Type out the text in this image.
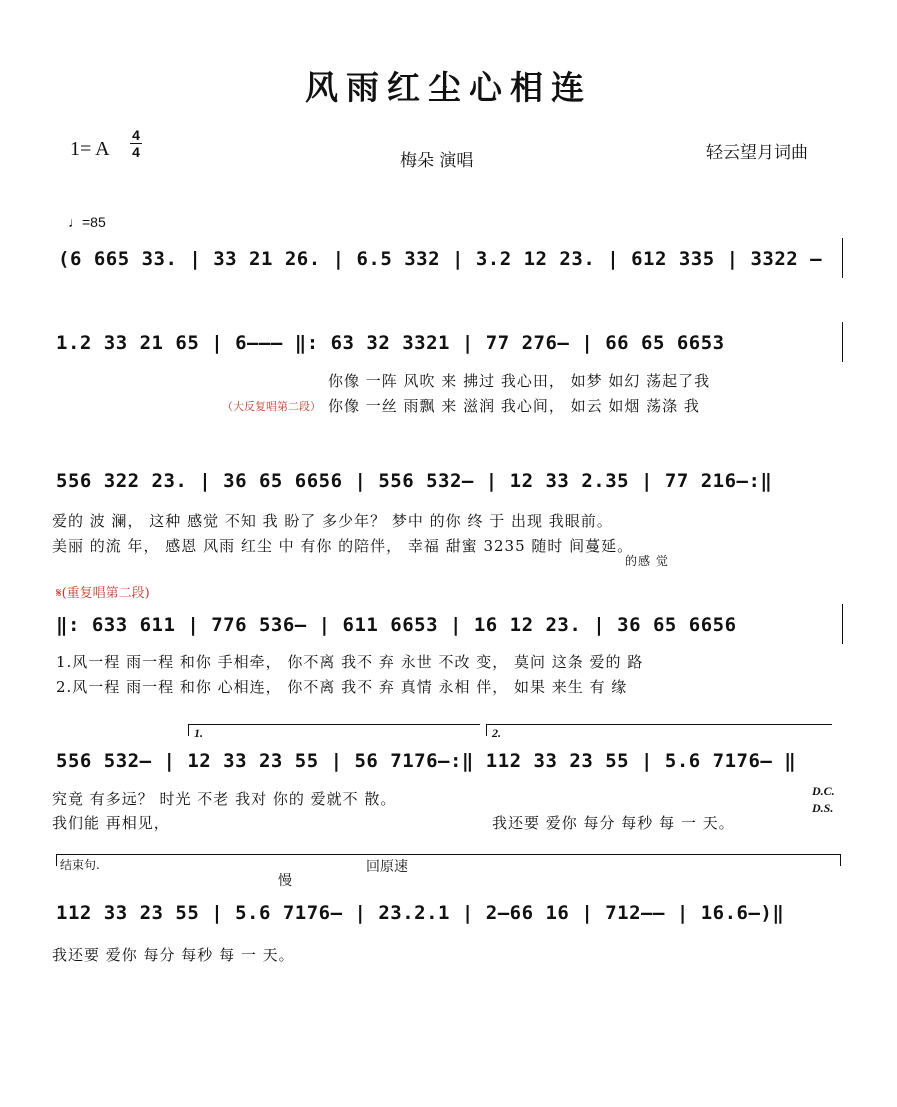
风雨红尘心相连
1= A
4
4	梅朵 演唱	轻云望月词曲
♩=85
(6 665 33. | 33 21 26. | 6.5 332 | 3.2 12 23. | 612 335 | 3322 –
1.2 33 21 65 | 6––– ‖: 63 32 3321 | 77 276– | 66 65 6653
你像 一阵 风吹 来 拂过 我心田， 如梦 如幻 荡起了我
（大反复唱第二段） 你像 一丝 雨飘 来 滋润 我心间， 如云 如烟 荡涤 我
556 322 23. | 36 65 6656 | 556 532– | 12 33 2.35 | 77 216–:‖
爱的 波 澜， 这种 感觉 不知 我 盼了 多少年？ 梦中 的你 终 于 出现 我眼前。
美丽 的流 年， 感恩 风雨 红尘 中 有你 的陪伴， 幸福 甜蜜 3235 随时 间蔓延。
的感 觉
𝄋(重复唱第二段)
‖: 633 611 | 776 536– | 611 6653 | 16 12 23. | 36 65 6656
1.风一程 雨一程 和你 手相牵， 你不离 我不 弃 永世 不改 变， 莫问 这条 爱的 路
2.风一程 雨一程 和你 心相连， 你不离 我不 弃 真情 永相 伴， 如果 来生 有 缘
1.	2.
556 532– | 12 33 23 55 | 56 7176–:‖ 112 33 23 55 | 5.6 7176– ‖
究竟 有多远？ 时光 不老 我对 你的 爱就不 散。
我们能 再相见，	我还要 爱你 每分 每秒 每 一 天。
D.C.
D.S.
结束句.	回原速
慢
112 33 23 55 | 5.6 7176– | 23.2.1 | 2–66 16 | 712–– | 16.6–)‖
我还要 爱你 每分 每秒 每 一 天。
